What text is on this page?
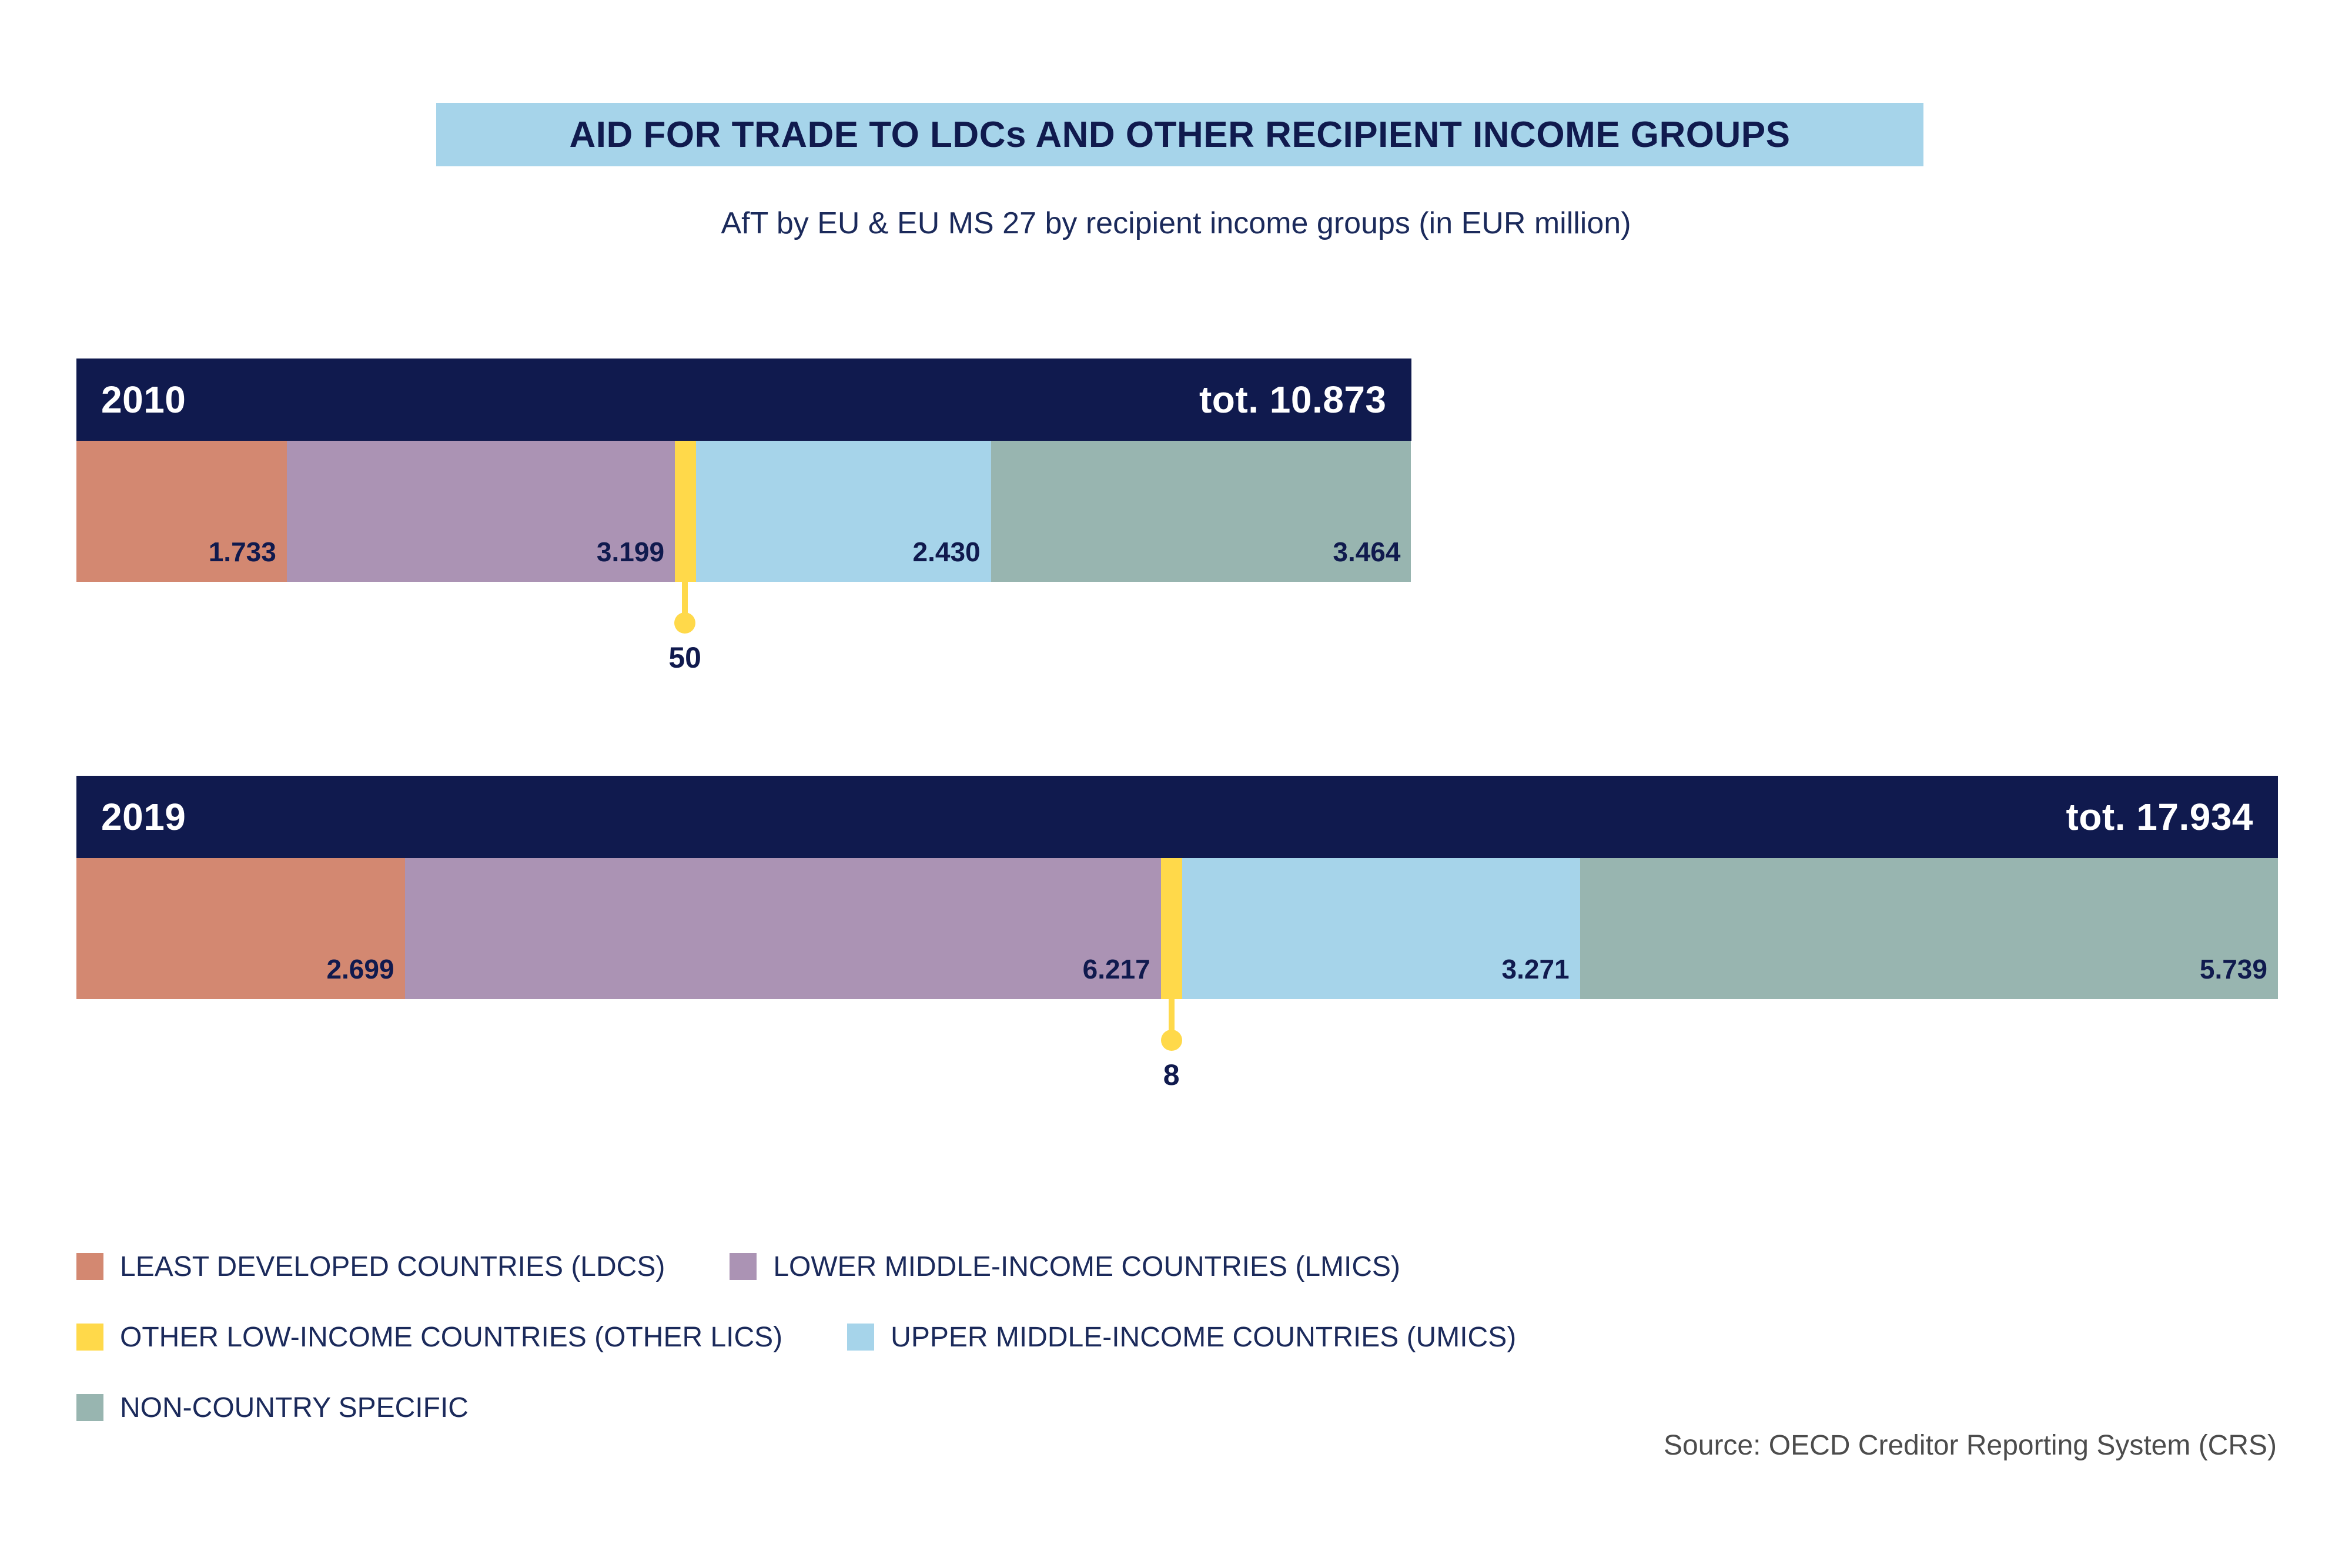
AID FOR TRADE TO LDCs AND OTHER RECIPIENT INCOME GROUPS
AfT by EU & EU MS 27 by recipient income groups (in EUR million)
2010	tot. 10.873
1.733	3.199
50
2.430	3.464
2019	tot. 17.934
2.699	6.217
8
3.271	5.739
LEAST DEVELOPED COUNTRIES (LDCS)	LOWER MIDDLE-INCOME COUNTRIES (LMICS)
OTHER LOW-INCOME COUNTRIES (OTHER LICS)	UPPER MIDDLE-INCOME COUNTRIES (UMICS)
NON-COUNTRY SPECIFIC
Source: OECD Creditor Reporting System (CRS)
